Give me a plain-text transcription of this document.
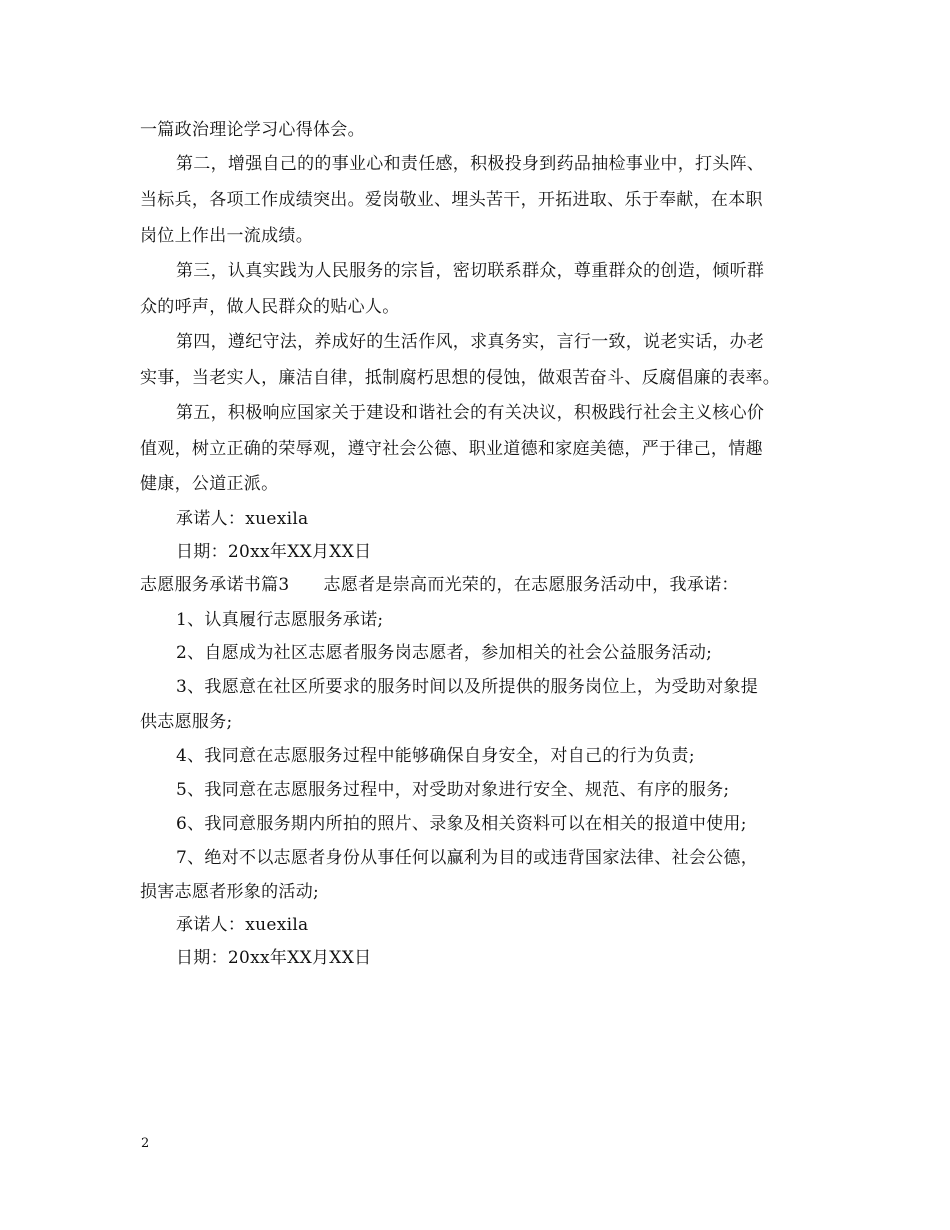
一篇政治理论学习心得体会。
第二，增强自己的的事业心和责任感，积极投身到药品抽检事业中，打头阵、
当标兵，各项工作成绩突出。爱岗敬业、埋头苦干，开拓进取、乐于奉献，在本职
岗位上作出一流成绩。
第三，认真实践为人民服务的宗旨，密切联系群众，尊重群众的创造，倾听群
众的呼声，做人民群众的贴心人。
第四，遵纪守法，养成好的生活作风，求真务实，言行一致，说老实话，办老
实事，当老实人，廉洁自律，抵制腐朽思想的侵蚀，做艰苦奋斗、反腐倡廉的表率。
第五，积极响应国家关于建设和谐社会的有关决议，积极践行社会主义核心价
值观，树立正确的荣辱观，遵守社会公德、职业道德和家庭美德，严于律己，情趣
健康，公道正派。
承诺人：xuexila
日期：20xx年XX月XX日
志愿服务承诺书篇3 志愿者是崇高而光荣的，在志愿服务活动中，我承诺：
1、认真履行志愿服务承诺;
2、自愿成为社区志愿者服务岗志愿者，参加相关的社会公益服务活动;
3、我愿意在社区所要求的服务时间以及所提供的服务岗位上，为受助对象提
供志愿服务;
4、我同意在志愿服务过程中能够确保自身安全，对自己的行为负责;
5、我同意在志愿服务过程中，对受助对象进行安全、规范、有序的服务;
6、我同意服务期内所拍的照片、录象及相关资料可以在相关的报道中使用;
7、绝对不以志愿者身份从事任何以赢利为目的或违背国家法律、社会公德，
损害志愿者形象的活动;
承诺人：xuexila
日期：20xx年XX月XX日
2
